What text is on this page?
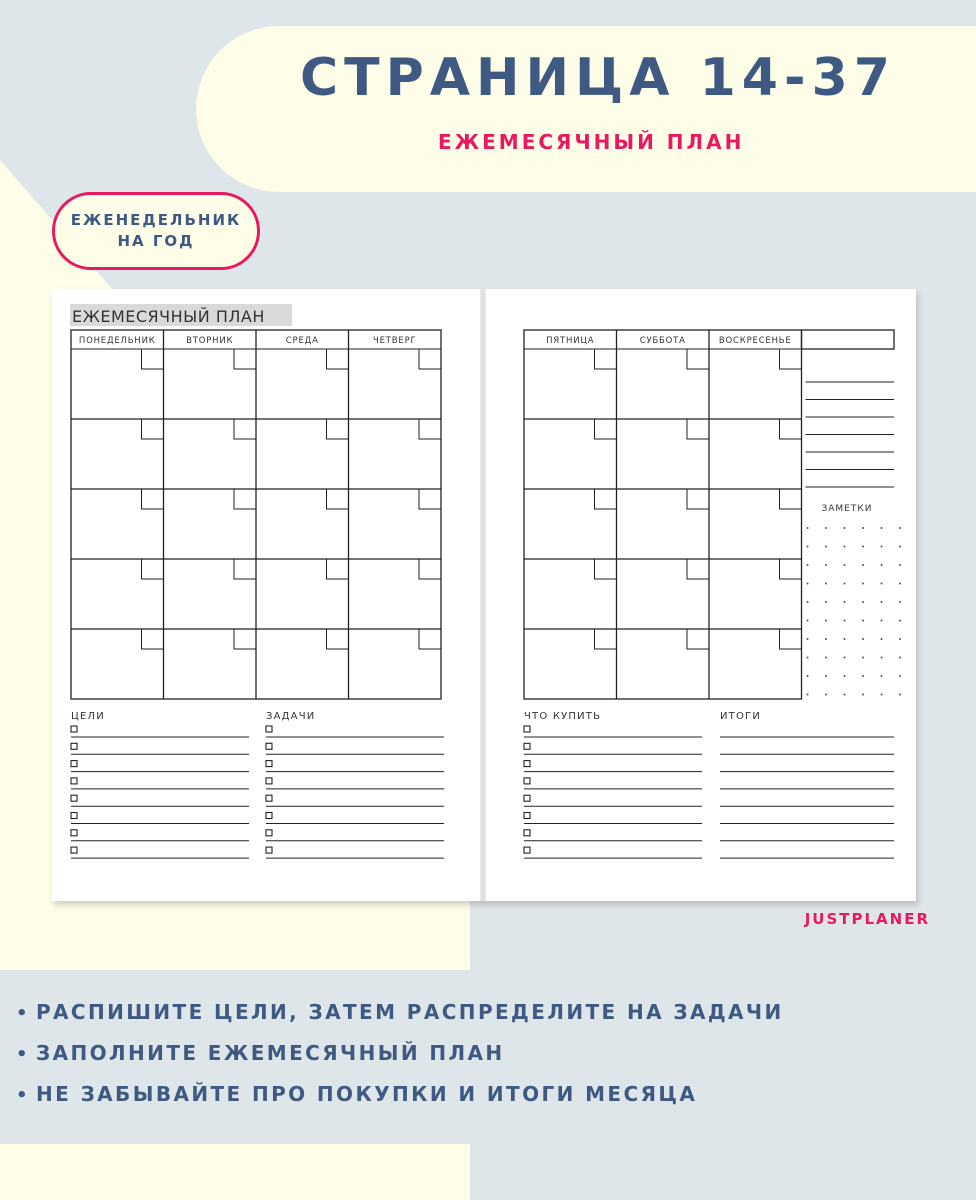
СТРАНИЦА 14-37
ЕЖЕМЕСЯЧНЫЙ ПЛАН
ЕЖЕНЕДЕЛЬНИК
НА ГОД
ЕЖЕМЕСЯЧНЫЙ ПЛАН
ПОНЕДЕЛЬНИК	ВТОРНИК	СРЕДА	ЧЕТВЕРГ	ПЯТНИЦА	СУББОТА	ВОСКРЕСЕНЬЕ
ЗАМЕТКИ
ЦЕЛИ	ЗАДАЧИ	ЧТО КУПИТЬ	ИТОГИ
JUSTPLANER
• РАСПИШИТЕ ЦЕЛИ, ЗАТЕМ РАСПРЕДЕЛИТЕ НА ЗАДАЧИ
• ЗАПОЛНИТЕ ЕЖЕМЕСЯЧНЫЙ ПЛАН
• НЕ ЗАБЫВАЙТЕ ПРО ПОКУПКИ И ИТОГИ МЕСЯЦА
